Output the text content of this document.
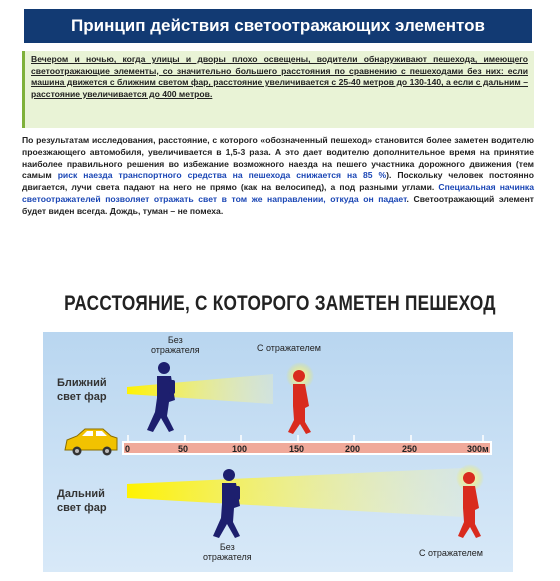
Принцип действия светоотражающих элементов

Вечером и ночью, когда улицы и дворы плохо освещены, водители обнаруживают пешехода, имеющего светоотражающие элементы, со значительно большего расстояния по сравнению с пешеходами без них: если машина движется с ближним светом фар, расстояние увеличивается с 25-40 метров до 130-140, а если с дальним – расстояние увеличивается до 400 метров.

По результатам исследования, расстояние, с которого «обозначенный пешеход» становится более заметен водителю проезжающего автомобиля, увеличивается в 1,5-3 раза. А это дает водителю дополнительное время на принятие наиболее правильного решения во избежание возможного наезда на пешего участника дорожного движения (тем самым риск наезда транспортного средства на пешехода снижается на 85 %). Поскольку человек постоянно двигается, лучи света падают на него не прямо (как на велосипед), а под разными углами. Специальная начинка светоотражателей позволяет отражать свет в том же направлении, откуда он падает. Светоотражающий элемент будет виден всегда. Дождь, туман – не помеха.

РАССТОЯНИЕ, С КОТОРОГО ЗАМЕТЕН ПЕШЕХОД
0	50	100	150	200	250	300м
Ближний
свет фар
Дальний
свет фар
Без
отражателя	С отражателем
Без
отражателя	С отражателем
